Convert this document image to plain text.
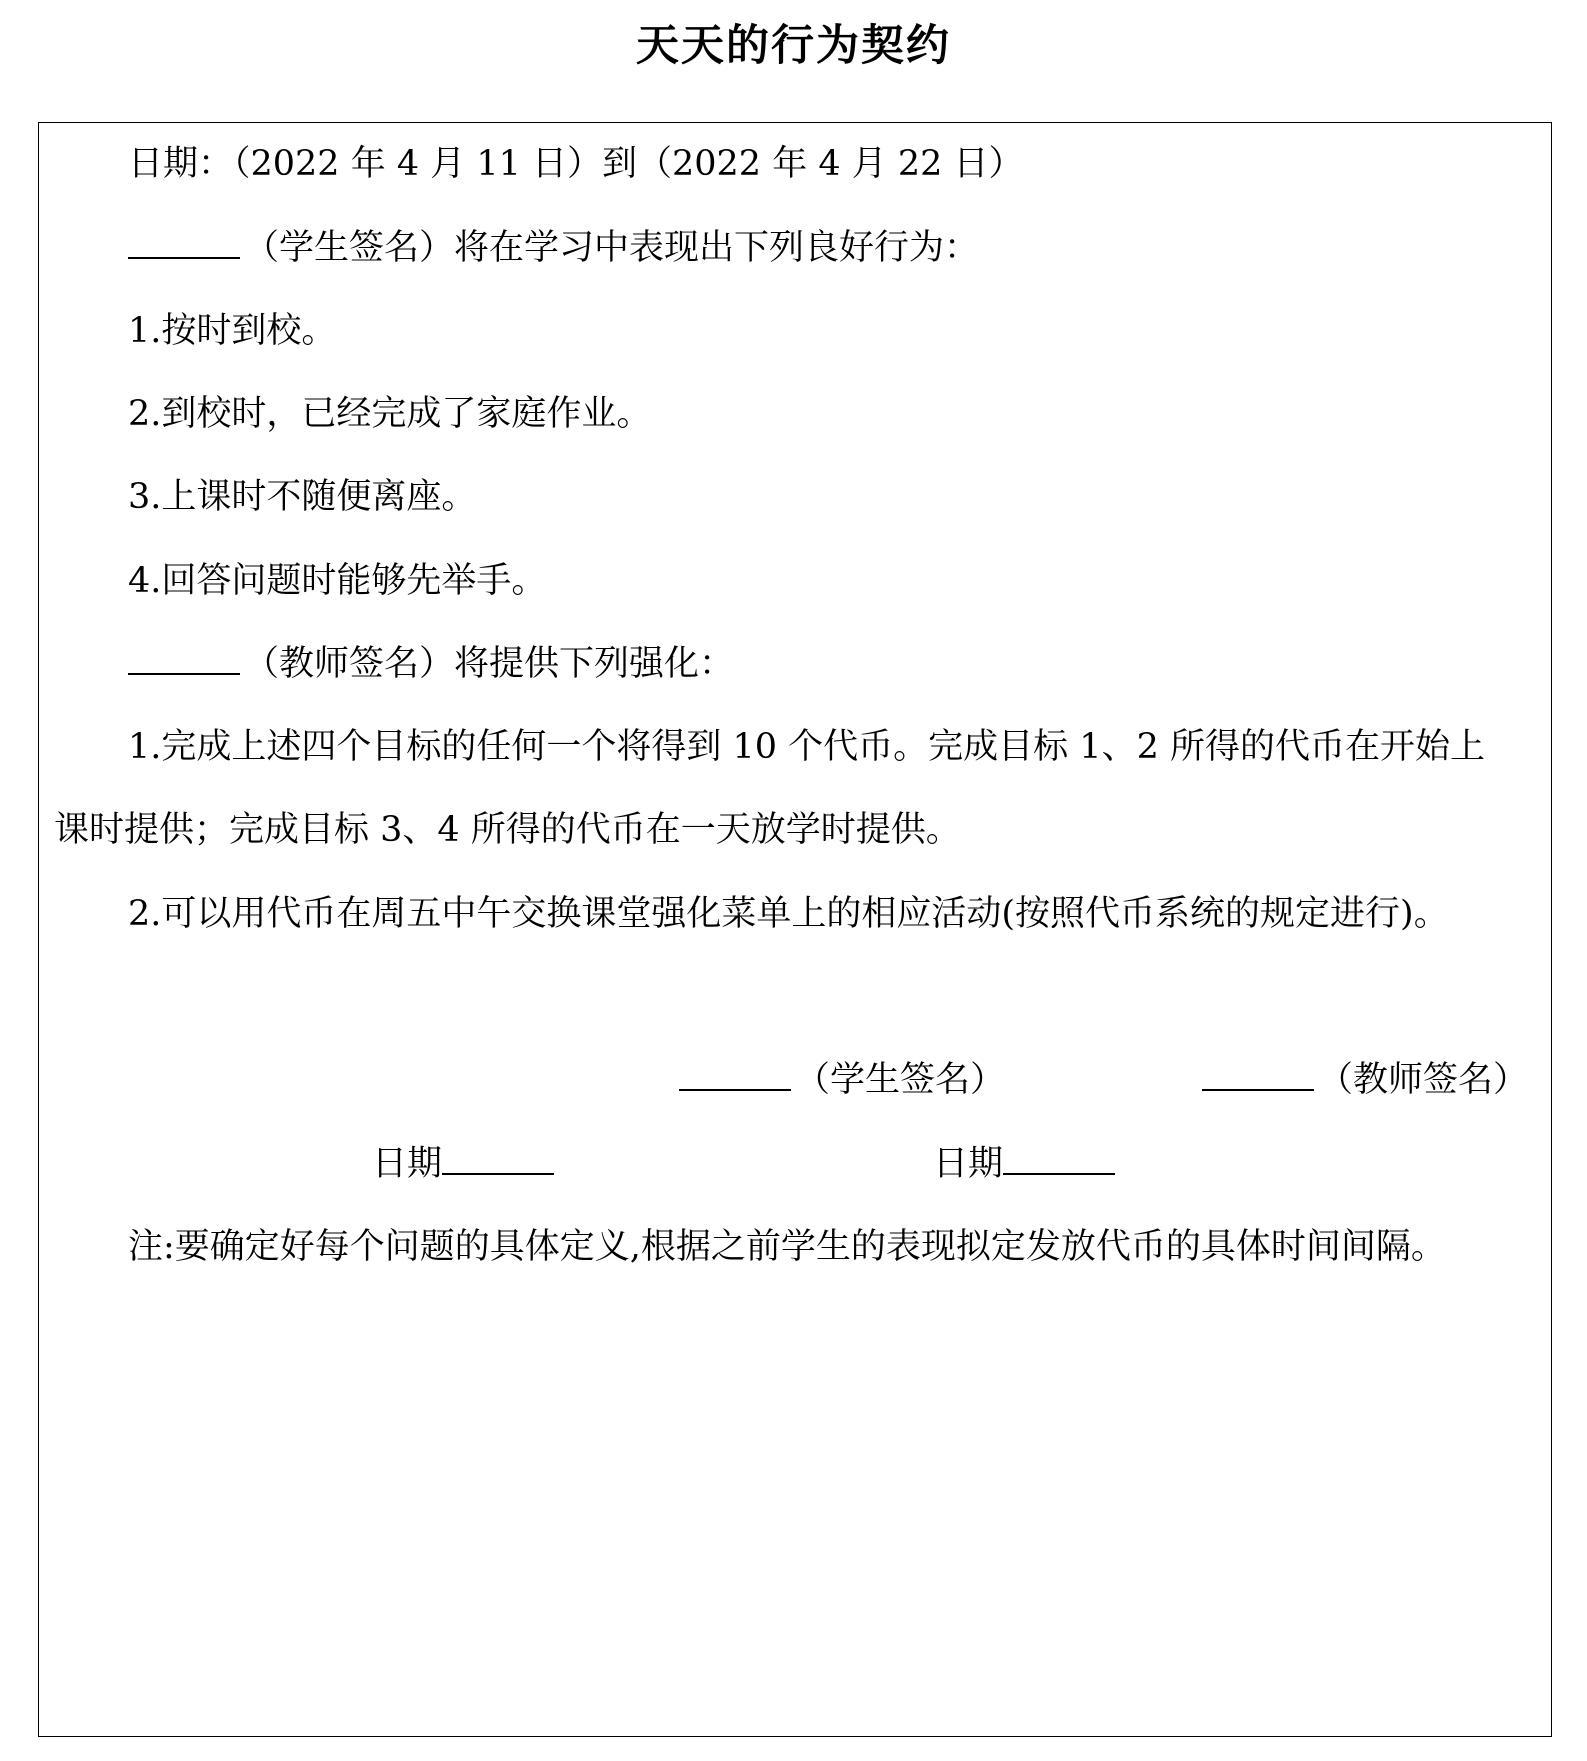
天天的行为契约
日期：（2022 年 4 月 11 日）到（2022 年 4 月 22 日）
（学生签名）将在学习中表现出下列良好行为：
1.按时到校。
2.到校时，已经完成了家庭作业。
3.上课时不随便离座。
4.回答问题时能够先举手。
（教师签名）将提供下列强化：
1.完成上述四个目标的任何一个将得到 10 个代币。完成目标 1、2 所得的代币在开始上
课时提供；完成目标 3、4 所得的代币在一天放学时提供。
2.可以用代币在周五中午交换课堂强化菜单上的相应活动(按照代币系统的规定进行)。
（学生签名）	（教师签名）
日期	日期
注:要确定好每个问题的具体定义,根据之前学生的表现拟定发放代币的具体时间间隔。
